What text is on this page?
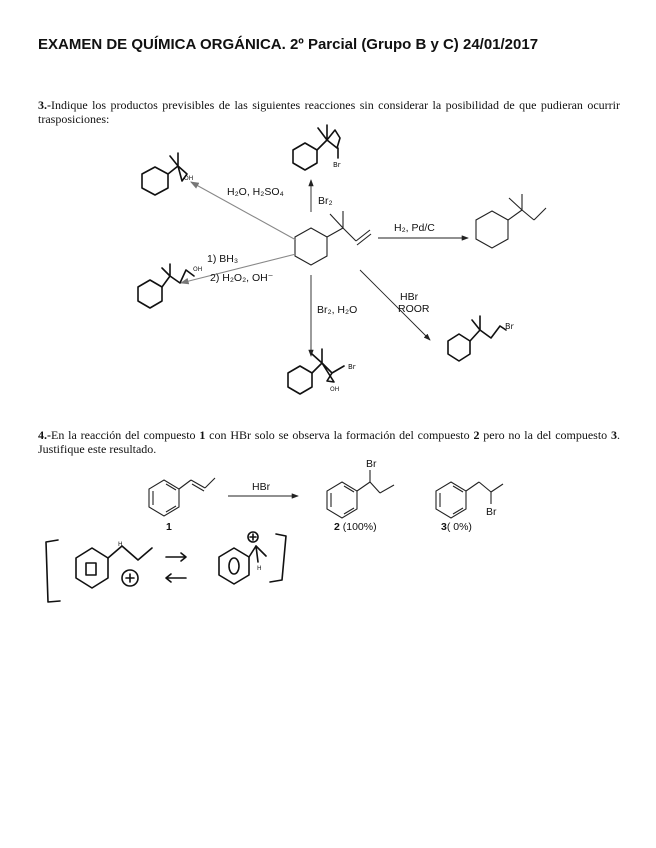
EXAMEN DE QUÍMICA ORGÁNICA. 2º Parcial (Grupo B y C) 24/01/2017
3.-Indique los productos previsibles de las siguientes reacciones sin considerar la posibilidad de que pudieran ocurrir trasposiciones:
4.-En la reacción del compuesto 1 con HBr solo se observa la formación del compuesto 2 pero no la del compuesto 3. Justifique este resultado.
H₂O, H₂SO₄
Br₂
H₂, Pd/C
1) BH₃
2) H₂O₂, OH⁻
Br₂, H₂O
HBr
ROOR
OH
Br
OH
OH
Br
Br
1
HBr
Br
2 (100%)
Br
3( 0%)
H
H
